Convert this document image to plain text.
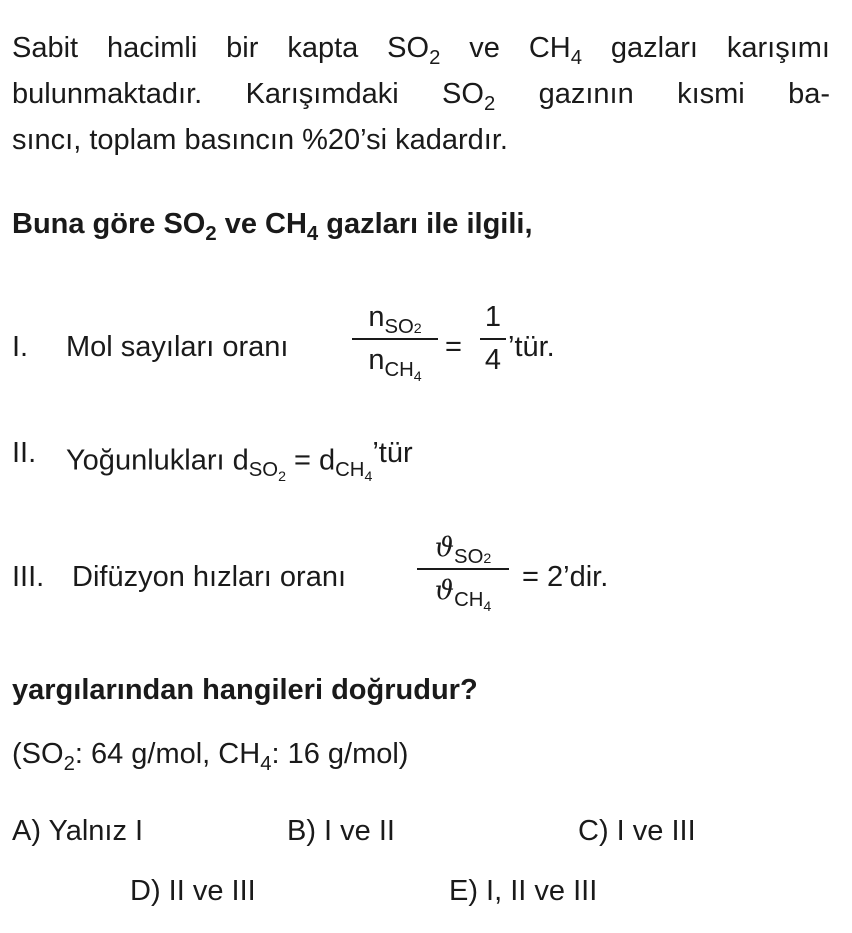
Sabit hacimli bir kapta $SO_2$ ve $CH_4$ gazları karışımı
bulunmaktadır. Karışımdaki $SO_2$ gazının kısmi ba-
sıncı, toplam basıncın %20’si kadardır.
Buna göre $SO_2$ ve $CH_4$ gazları ile ilgili,
I. Mol sayıları oranı
$n_{SO2}$
$n_{CH_4}$
=
1
4 ’tür.
II. Yoğunlukları $d_{SO_2}$ = $d_{CH_4}’tür$
III. Difüzyon hızları oranı
$ϑ_{SO2}$
$ϑ_{CH_4}$
= 2’dir.
yargılarından hangileri doğrudur?
($SO_2$: 64 g/mol, $CH_4$: 16 g/mol)
A) Yalnız I	B) I ve II	C) I ve III
D) II ve III	E) I, II ve III
